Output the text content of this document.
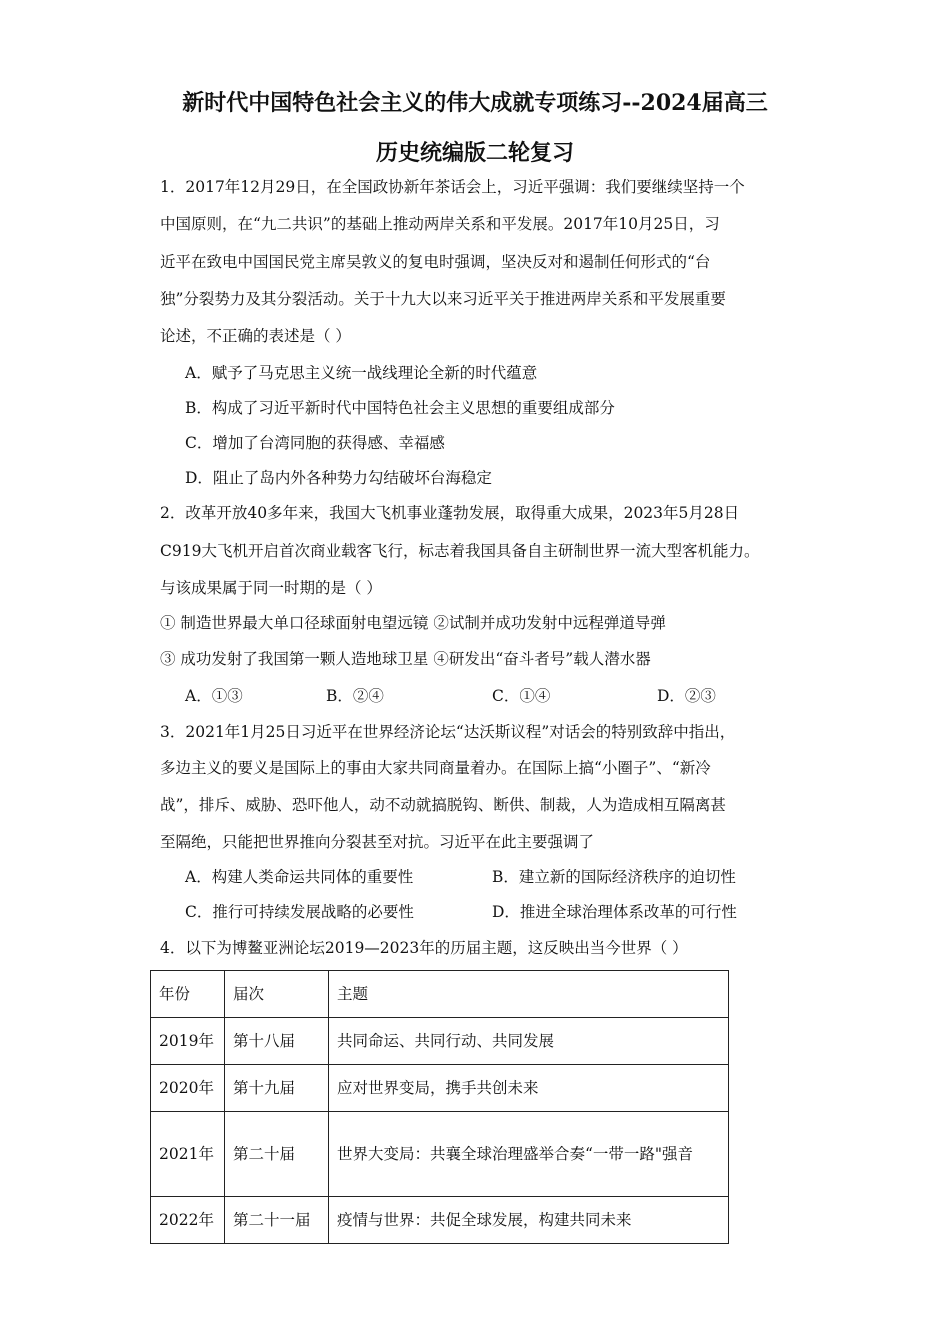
新时代中国特色社会主义的伟大成就专项练习--2024届高三
历史统编版二轮复习
1．2017年12月29日，在全国政协新年茶话会上，习近平强调：我们要继续坚持一个
中国原则，在“九二共识”的基础上推动两岸关系和平发展。2017年10月25日，习
近平在致电中国国民党主席吴敦义的复电时强调，坚决反对和遏制任何形式的“台
独”分裂势力及其分裂活动。关于十九大以来习近平关于推进两岸关系和平发展重要
论述，不正确的表述是（ ）
A．赋予了马克思主义统一战线理论全新的时代蕴意
B．构成了习近平新时代中国特色社会主义思想的重要组成部分
C．增加了台湾同胞的获得感、幸福感
D．阻止了岛内外各种势力勾结破坏台海稳定
2．改革开放40多年来，我国大飞机事业蓬勃发展，取得重大成果，2023年5月28日
C919大飞机开启首次商业载客飞行，标志着我国具备自主研制世界一流大型客机能力。
与该成果属于同一时期的是（ ）
① 制造世界最大单口径球面射电望远镜 ②试制并成功发射中远程弹道导弹
③ 成功发射了我国第一颗人造地球卫星 ④研发出“奋斗者号”载人潜水器
A．①③	B．②④	C．①④	D．②③
3．2021年1月25日习近平在世界经济论坛“达沃斯议程”对话会的特别致辞中指出，
多边主义的要义是国际上的事由大家共同商量着办。在国际上搞“小圈子”、“新冷
战”，排斥、威胁、恐吓他人，动不动就搞脱钩、断供、制裁，人为造成相互隔离甚
至隔绝，只能把世界推向分裂甚至对抗。习近平在此主要强调了
A．构建人类命运共同体的重要性	B．建立新的国际经济秩序的迫切性
C．推行可持续发展战略的必要性	D．推进全球治理体系改革的可行性
4．以下为博鳌亚洲论坛2019—2023年的历届主题，这反映出当今世界（ ）
年份	届次	主题
2019年	第十八届	共同命运、共同行动、共同发展
2020年	第十九届	应对世界变局，携手共创未来
2021年	第二十届	世界大变局：共襄全球治理盛举合奏“一带一路"强音
2022年	第二十一届	疫情与世界：共促全球发展，构建共同未来
